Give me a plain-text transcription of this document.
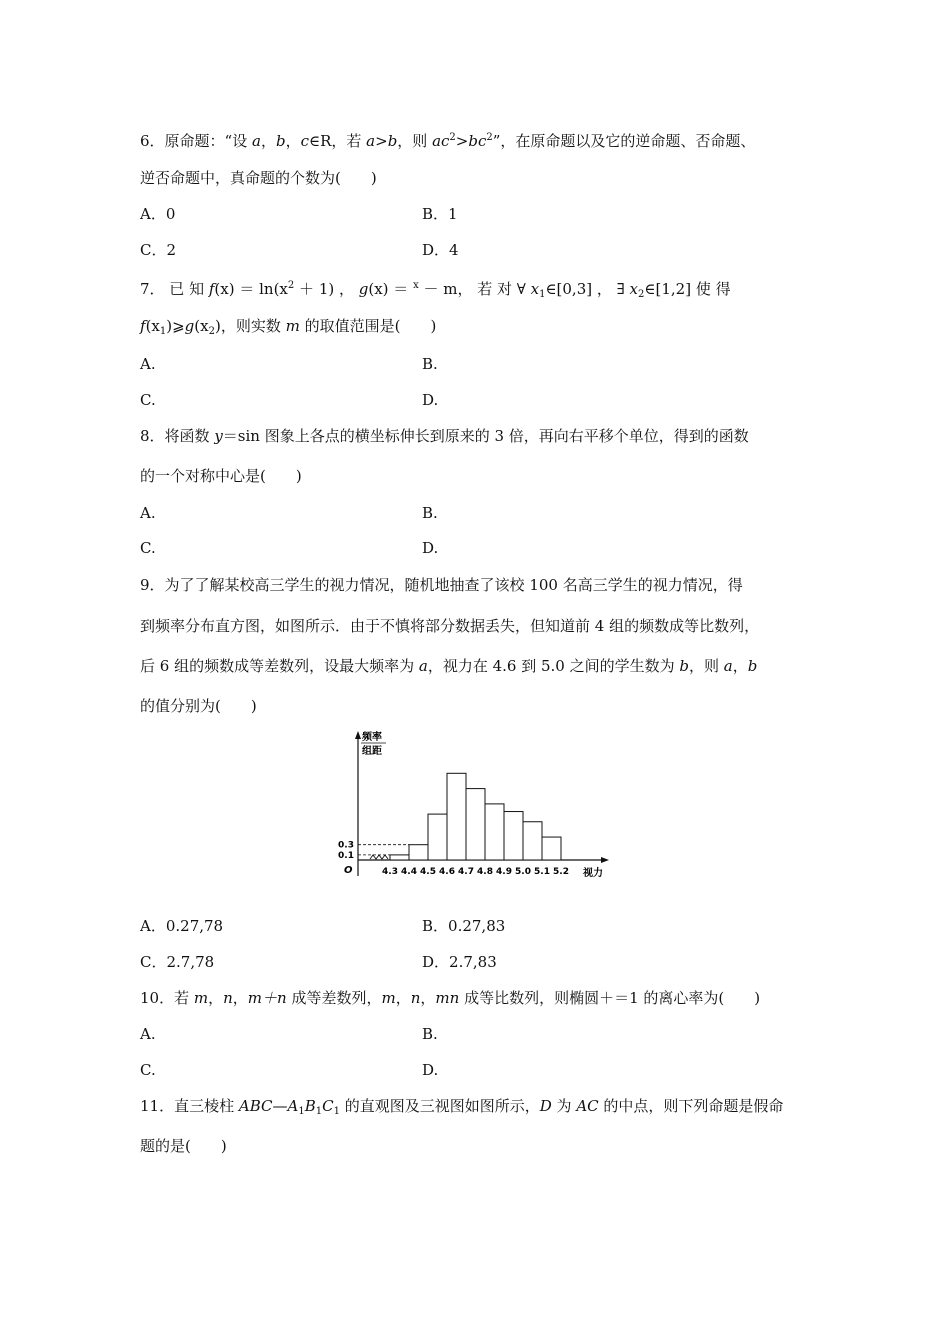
6．原命题：“设 a，b，c∈R，若 a>b，则 $ac^2>bc^2$”，在原命题以及它的逆命题、否命题、
逆否命题中，真命题的个数为(　　)
A．0	B．1
C．2	D．4
7． 已 知 $f(x) = \ln(x^2 + 1)$ ， g(x) ＝ $^x$ － m， 若 对 ∀ $x_1\in[0,3]$ ， ∃ $x_2\in[1,2]$ 使 得
$f(x_1)⩾g(x_2)$，则实数 m 的取值范围是(　　)
A.	B.
C.	D.
8．将函数 y＝sin 图象上各点的横坐标伸长到原来的 3 倍，再向右平移个单位，得到的函数
的一个对称中心是(　　)
A.	B.
C.	D.
9．为了了解某校高三学生的视力情况，随机地抽查了该校 100 名高三学生的视力情况，得
到频率分布直方图，如图所示．由于不慎将部分数据丢失，但知道前 4 组的频数成等比数列，
后 6 组的频数成等差数列，设最大频率为 a，视力在 4.6 到 5.0 之间的学生数为 b，则 a，b
的值分别为(　　)
频率
组距
视力
O	4.3 4.4 4.5 4.6 4.7 4.8 4.9 5.0 5.1 5.2
0.1
0.3
A．0.27,78	B．0.27,83
C．2.7,78	D．2.7,83
10．若 m，n，m＋n 成等差数列，m，n，mn 成等比数列，则椭圆＋＝1 的离心率为(　　)
A.	B.
C.	D.
11．直三棱柱 $ABC—A_1B_1C_1$ 的直观图及三视图如图所示，D 为 AC 的中点，则下列命题是假命
题的是(　　)
